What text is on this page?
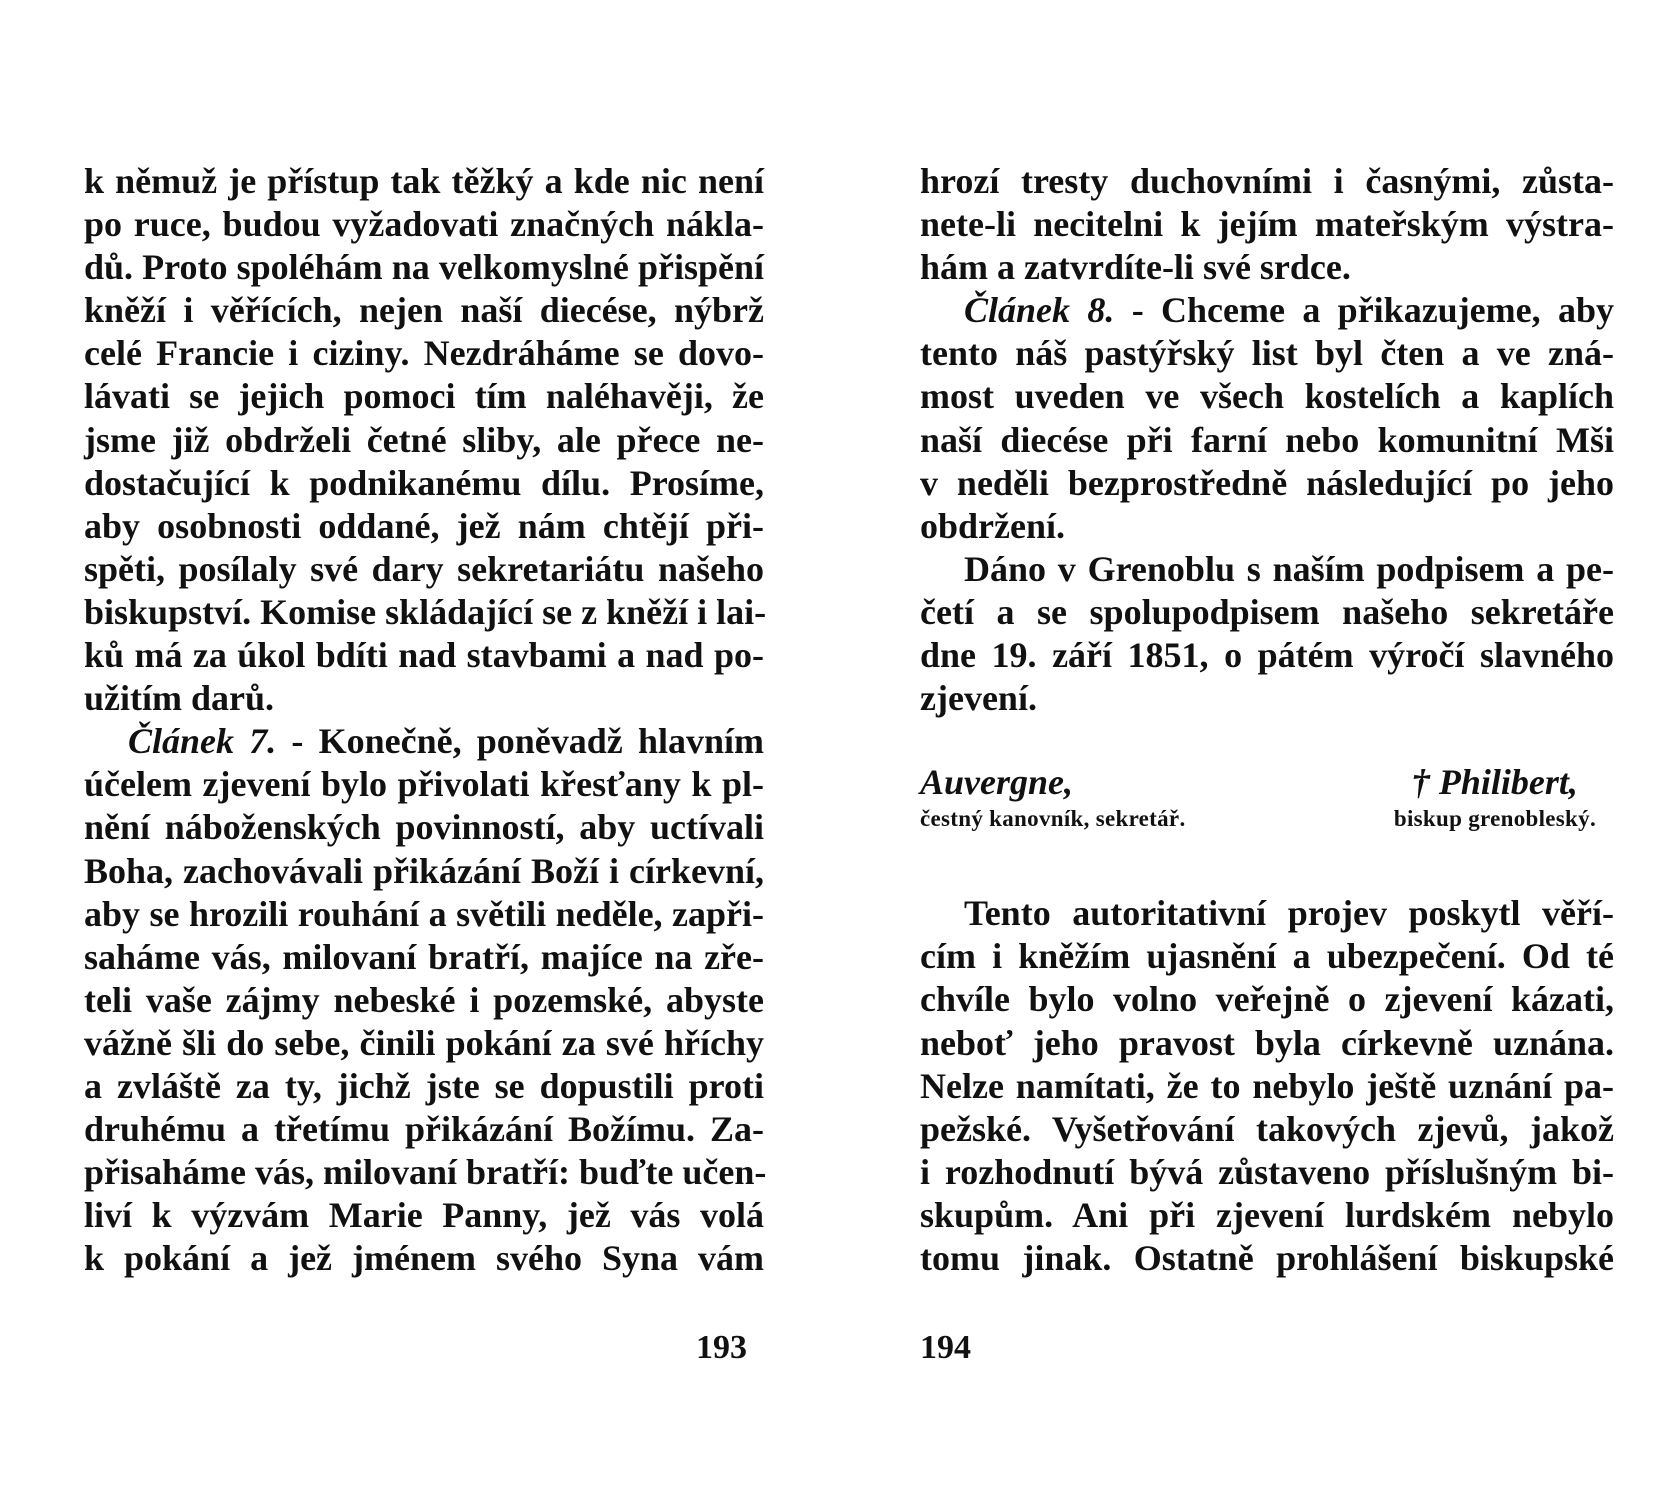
k němuž je přístup tak těžký a kde nic není
po ruce, budou vyžadovati značných nákla-
dů. Proto spoléhám na velkomyslné přispění
kněží i věřících, nejen naší diecése, nýbrž
celé Francie i ciziny. Nezdráháme se dovo-
lávati se jejich pomoci tím naléhavěji, že
jsme již obdrželi četné sliby, ale přece ne-
dostačující k podnikanému dílu. Prosíme,
aby osobnosti oddané, jež nám chtějí při-
spěti, posílaly své dary sekretariátu našeho
biskupství. Komise skládající se z kněží i lai-
ků má za úkol bdíti nad stavbami a nad po-
užitím darů.
Článek 7. - Konečně, poněvadž hlavním
účelem zjevení bylo přivolati křesťany k pl-
nění náboženských povinností, aby uctívali
Boha, zachovávali přikázání Boží i církevní,
aby se hrozili rouhání a světili neděle, zapři-
saháme vás, milovaní bratří, majíce na zře-
teli vaše zájmy nebeské i pozemské, abyste
vážně šli do sebe, činili pokání za své hříchy
a zvláště za ty, jichž jste se dopustili proti
druhému a třetímu přikázání Božímu. Za-
přisaháme vás, milovaní bratří: buďte učen-
liví k výzvám Marie Panny, jež vás volá
k pokání a jež jménem svého Syna vám
hrozí tresty duchovními i časnými, zůsta-
nete-li necitelni k jejím mateřským výstra-
hám a zatvrdíte-li své srdce.
Článek 8. - Chceme a přikazujeme, aby
tento náš pastýřský list byl čten a ve zná-
most uveden ve všech kostelích a kaplích
naší diecése při farní nebo komunitní Mši
v neděli bezprostředně následující po jeho
obdržení.
Dáno v Grenoblu s naším podpisem a pe-
četí a se spolupodpisem našeho sekretáře
dne 19. září 1851, o pátém výročí slavného
zjevení.
Auvergne,
čestný kanovník, sekretář.
† Philibert,
biskup grenobleský.
Tento autoritativní projev poskytl věří-
cím i kněžím ujasnění a ubezpečení. Od té
chvíle bylo volno veřejně o zjevení kázati,
neboť jeho pravost byla církevně uznána.
Nelze namítati, že to nebylo ještě uznání pa-
pežské. Vyšetřování takových zjevů, jakož
i rozhodnutí bývá zůstaveno příslušným bi-
skupům. Ani při zjevení lurdském nebylo
tomu jinak. Ostatně prohlášení biskupské
193	194
